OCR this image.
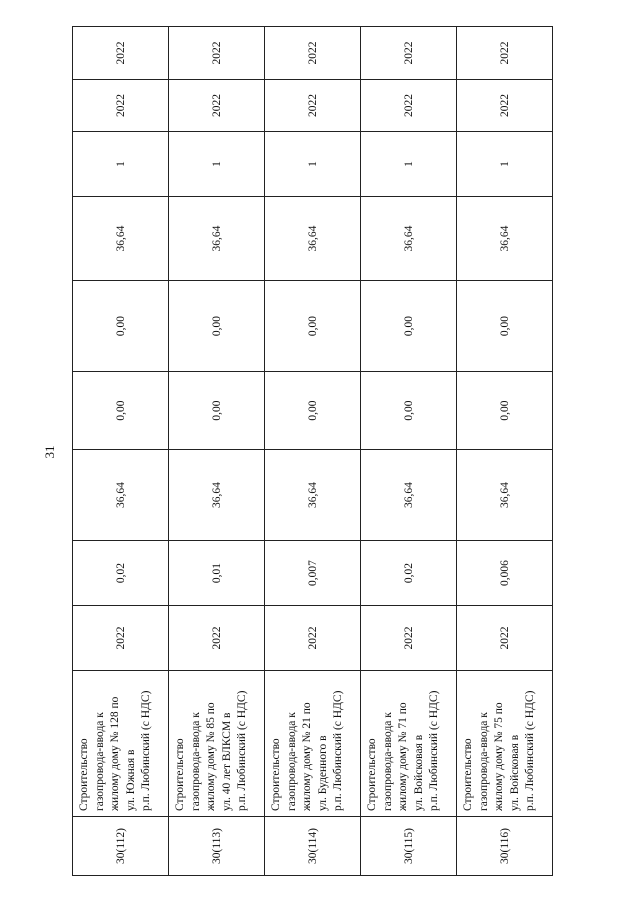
31
30(112)	Строительство
газопровода-ввода к
жилому дому № 128 по
ул. Южная в
р.п. Любинский (с НДС)	2022	0,02	36,64	0,00	0,00	36,64	1	2022	2022
30(113)	Строительство
газопровода-ввода к
жилому дому № 85 по
ул. 40 лет ВЛКСМ в
р.п. Любинский (с НДС)	2022	0,01	36,64	0,00	0,00	36,64	1	2022	2022
30(114)	Строительство
газопровода-ввода к
жилому дому № 21 по
ул. Буденного в
р.п. Любинский (с НДС)	2022	0,007	36,64	0,00	0,00	36,64	1	2022	2022
30(115)	Строительство
газопровода-ввода к
жилому дому № 71 по
ул. Войсковая в
р.п. Любинский (с НДС)	2022	0,02	36,64	0,00	0,00	36,64	1	2022	2022
30(116)	Строительство
газопровода-ввода к
жилому дому № 75 по
ул. Войсковая в
р.п. Любинский (с НДС)	2022	0,006	36,64	0,00	0,00	36,64	1	2022	2022
